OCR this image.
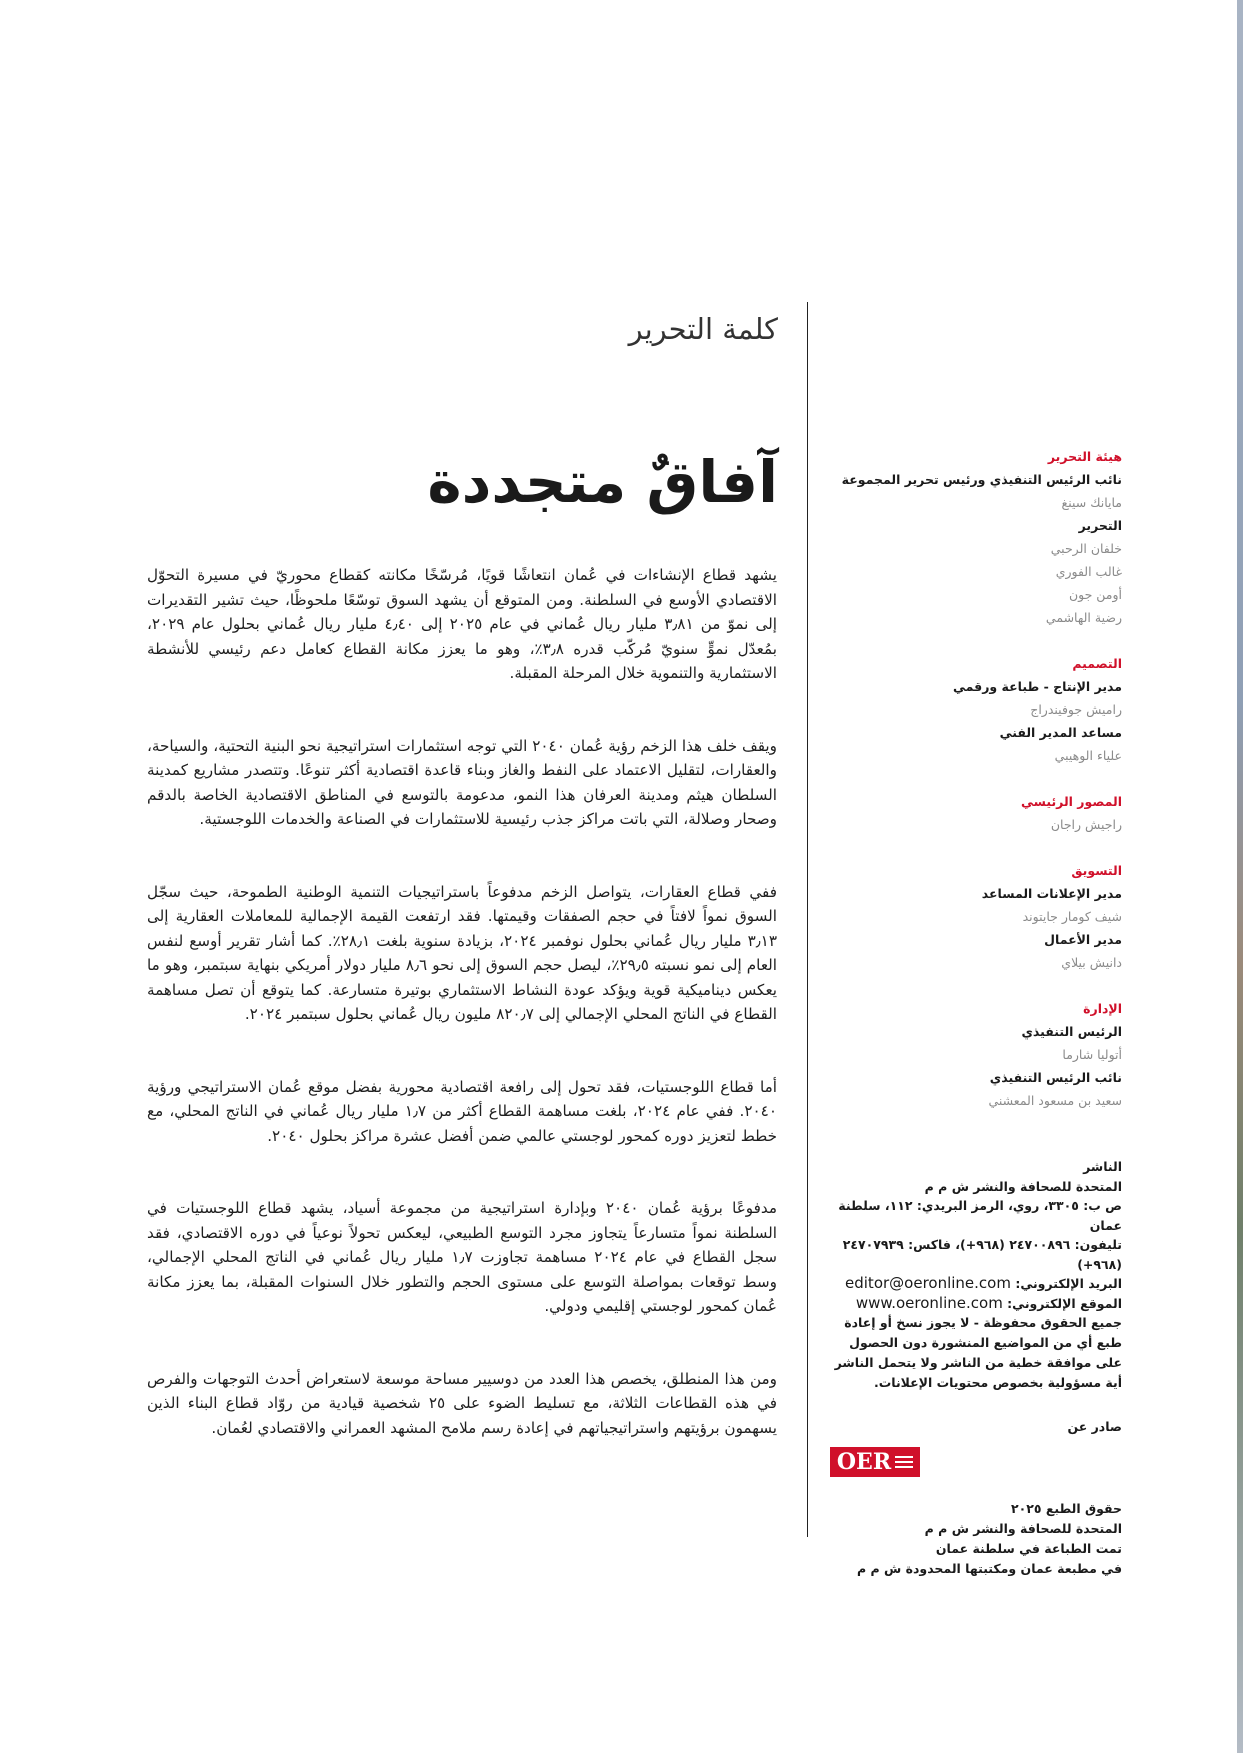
كلمة التحرير
آفاقٌ متجددة

يشهد قطاع الإنشاءات في عُمان انتعاشًا قويًا، مُرسّخًا مكانته كقطاع محوريّ في مسيرة التحوّل الاقتصادي الأوسع في السلطنة. ومن المتوقع أن يشهد السوق توسّعًا ملحوظًا، حيث تشير التقديرات إلى نموّ من ٣٫٨١ مليار ريال عُماني في عام ٢٠٢٥ إلى ٤٫٤٠ مليار ريال عُماني بحلول عام ٢٠٢٩، بمُعدّل نموٍّ سنويّ مُركّب قدره ٣٫٨٪، وهو ما يعزز مكانة القطاع كعامل دعم رئيسي للأنشطة الاستثمارية والتنموية خلال المرحلة المقبلة.

ويقف خلف هذا الزخم رؤية عُمان ٢٠٤٠ التي توجه استثمارات استراتيجية نحو البنية التحتية، والسياحة، والعقارات، لتقليل الاعتماد على النفط والغاز وبناء قاعدة اقتصادية أكثر تنوعًا. وتتصدر مشاريع كمدينة السلطان هيثم ومدينة العرفان هذا النمو، مدعومة بالتوسع في المناطق الاقتصادية الخاصة بالدقم وصحار وصلالة، التي باتت مراكز جذب رئيسية للاستثمارات في الصناعة والخدمات اللوجستية.

ففي قطاع العقارات، يتواصل الزخم مدفوعاً باستراتيجيات التنمية الوطنية الطموحة، حيث سجّل السوق نمواً لافتاً في حجم الصفقات وقيمتها. فقد ارتفعت القيمة الإجمالية للمعاملات العقارية إلى ٣٫١٣ مليار ريال عُماني بحلول نوفمبر ٢٠٢٤، بزيادة سنوية بلغت ٢٨٫١٪. كما أشار تقرير أوسع لنفس العام إلى نمو نسبته ٢٩٫٥٪، ليصل حجم السوق إلى نحو ٨٫٦ مليار دولار أمريكي بنهاية سبتمبر، وهو ما يعكس ديناميكية قوية ويؤكد عودة النشاط الاستثماري بوتيرة متسارعة. كما يتوقع أن تصل مساهمة القطاع في الناتج المحلي الإجمالي إلى ٨٢٠٫٧ مليون ريال عُماني بحلول سبتمبر ٢٠٢٤.

أما قطاع اللوجستيات، فقد تحول إلى رافعة اقتصادية محورية بفضل موقع عُمان الاستراتيجي ورؤية ٢٠٤٠. ففي عام ٢٠٢٤، بلغت مساهمة القطاع أكثر من ١٫٧ مليار ريال عُماني في الناتج المحلي، مع خطط لتعزيز دوره كمحور لوجستي عالمي ضمن أفضل عشرة مراكز بحلول ٢٠٤٠.

مدفوعًا برؤية عُمان ٢٠٤٠ وبإدارة استراتيجية من مجموعة أسياد، يشهد قطاع اللوجستيات في السلطنة نمواً متسارعاً يتجاوز مجرد التوسع الطبيعي، ليعكس تحولاً نوعياً في دوره الاقتصادي، فقد سجل القطاع في عام ٢٠٢٤ مساهمة تجاوزت ١٫٧ مليار ريال عُماني في الناتج المحلي الإجمالي، وسط توقعات بمواصلة التوسع على مستوى الحجم والتطور خلال السنوات المقبلة، بما يعزز مكانة عُمان كمحور لوجستي إقليمي ودولي.

ومن هذا المنطلق، يخصص هذا العدد من دوسيير مساحة موسعة لاستعراض أحدث التوجهات والفرص في هذه القطاعات الثلاثة، مع تسليط الضوء على ٢٥ شخصية قيادية من روّاد قطاع البناء الذين يسهمون برؤيتهم واستراتيجياتهم في إعادة رسم ملامح المشهد العمراني والاقتصادي لعُمان.

هيئة التحرير
نائب الرئيس التنفيذي ورئيس تحرير المجموعة
مايانك سينغ
التحرير
خلفان الرحبي
غالب الفوري
أومن جون
رضية الهاشمي
التصميم
مدير الإنتاج - طباعة ورقمي
راميش جوفيندراج
مساعد المدير الفني
علياء الوهيبي
المصور الرئيسي
راجيش راجان
التسويق
مدير الإعلانات المساعد
شيف كومار جايتوند
مدير الأعمال
دانيش بيلاي
الإدارة
الرئيس التنفيذي
أتوليا شارما
نائب الرئيس التنفيذي
سعيد بن مسعود المعشني
الناشر
المتحدة للصحافة والنشر ش م م
ص ب: ٣٣٠٥، روي، الرمز البريدي: ١١٢، سلطنة عمان
تليفون: ٢٤٧٠٠٨٩٦ (٩٦٨+)، فاكس: ٢٤٧٠٧٩٣٩ (٩٦٨+)
البريد الإلكتروني: editor@oeronline.com
الموقع الإلكتروني: www.oeronline.com
جميع الحقوق محفوظة - لا يجوز نسخ أو إعادة طبع أي من المواضيع المنشورة دون الحصول على موافقة خطية من الناشر ولا يتحمل الناشر أية مسؤولية بخصوص محتويات الإعلانات.
صادر عن
OER
حقوق الطبع ٢٠٢٥
المتحدة للصحافة والنشر ش م م
تمت الطباعة في سلطنة عمان
في مطبعة عمان ومكتبتها المحدودة ش م م
